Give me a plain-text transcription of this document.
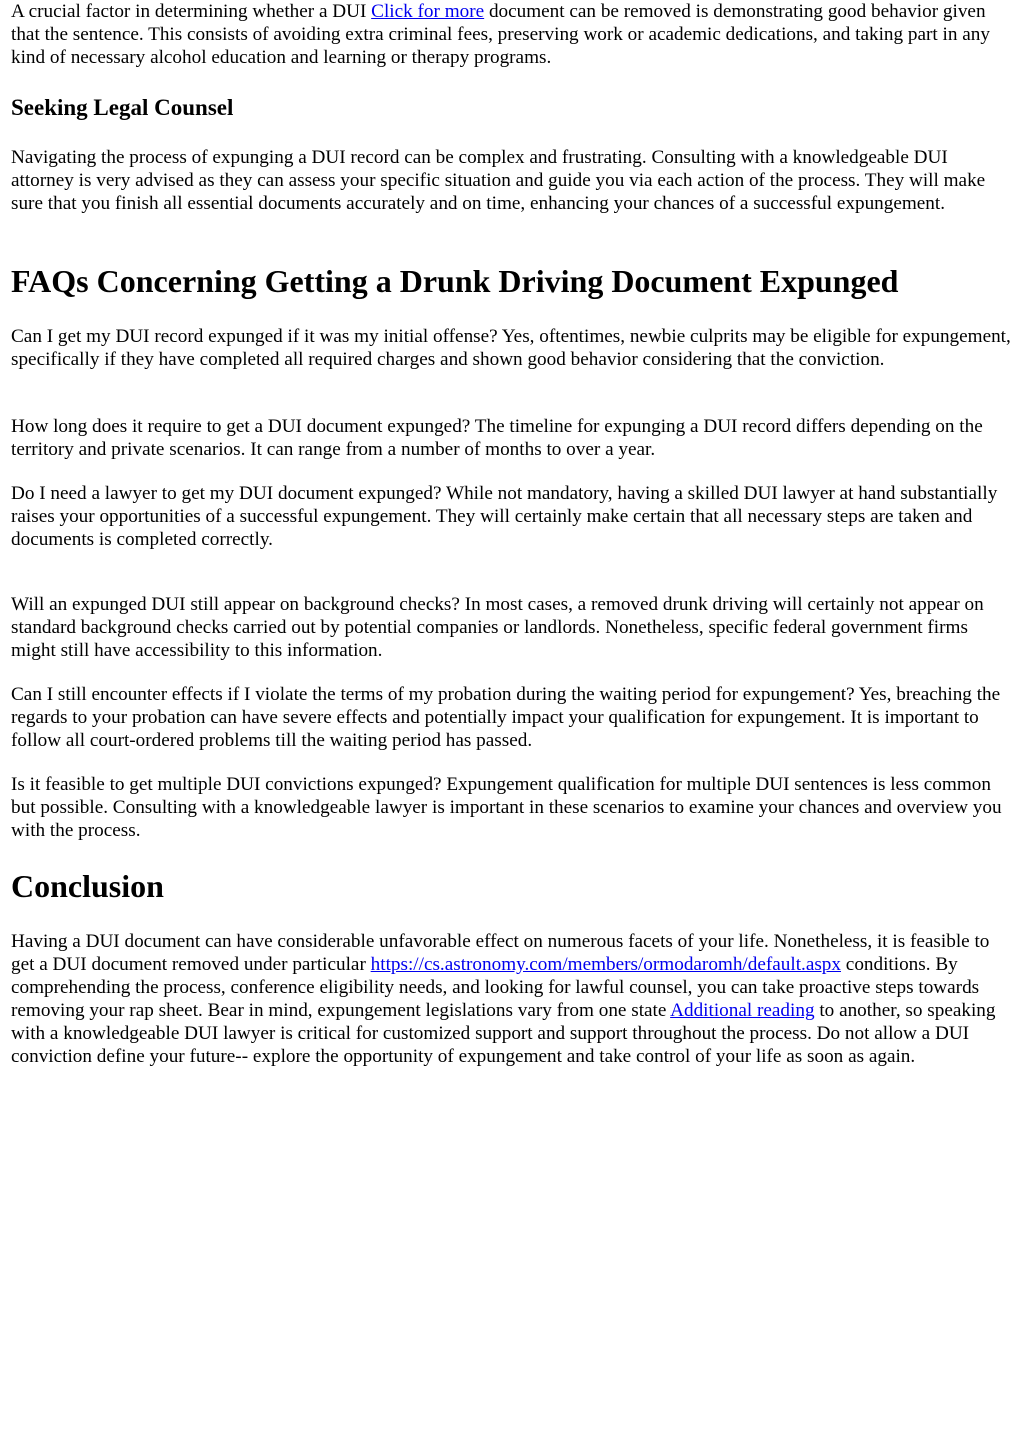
A crucial factor in determining whether a DUI Click for more document can be removed is demonstrating good behavior given that the sentence. This consists of avoiding extra criminal fees, preserving work or academic dedications, and taking part in any kind of necessary alcohol education and learning or therapy programs.

Seeking Legal Counsel

Navigating the process of expunging a DUI record can be complex and frustrating. Consulting with a knowledgeable DUI attorney is very advised as they can assess your specific situation and guide you via each action of the process. They will make sure that you finish all essential documents accurately and on time, enhancing your chances of a successful expungement.

FAQs Concerning Getting a Drunk Driving Document Expunged

Can I get my DUI record expunged if it was my initial offense? Yes, oftentimes, newbie culprits may be eligible for expungement, specifically if they have completed all required charges and shown good behavior considering that the conviction.

How long does it require to get a DUI document expunged? The timeline for expunging a DUI record differs depending on the territory and private scenarios. It can range from a number of months to over a year.

Do I need a lawyer to get my DUI document expunged? While not mandatory, having a skilled DUI lawyer at hand substantially raises your opportunities of a successful expungement. They will certainly make certain that all necessary steps are taken and documents is completed correctly.

Will an expunged DUI still appear on background checks? In most cases, a removed drunk driving will certainly not appear on standard background checks carried out by potential companies or landlords. Nonetheless, specific federal government firms might still have accessibility to this information.

Can I still encounter effects if I violate the terms of my probation during the waiting period for expungement? Yes, breaching the regards to your probation can have severe effects and potentially impact your qualification for expungement. It is important to follow all court-ordered problems till the waiting period has passed.

Is it feasible to get multiple DUI convictions expunged? Expungement qualification for multiple DUI sentences is less common but possible. Consulting with a knowledgeable lawyer is important in these scenarios to examine your chances and overview you with the process.

Conclusion

Having a DUI document can have considerable unfavorable effect on numerous facets of your life. Nonetheless, it is feasible to get a DUI document removed under particular https://cs.astronomy.com/members/ormodaromh/default.aspx conditions. By comprehending the process, conference eligibility needs, and looking for lawful counsel, you can take proactive steps towards removing your rap sheet. Bear in mind, expungement legislations vary from one state Additional reading to another, so speaking with a knowledgeable DUI lawyer is critical for customized support and support throughout the process. Do not allow a DUI conviction define your future-- explore the opportunity of expungement and take control of your life as soon as again.
